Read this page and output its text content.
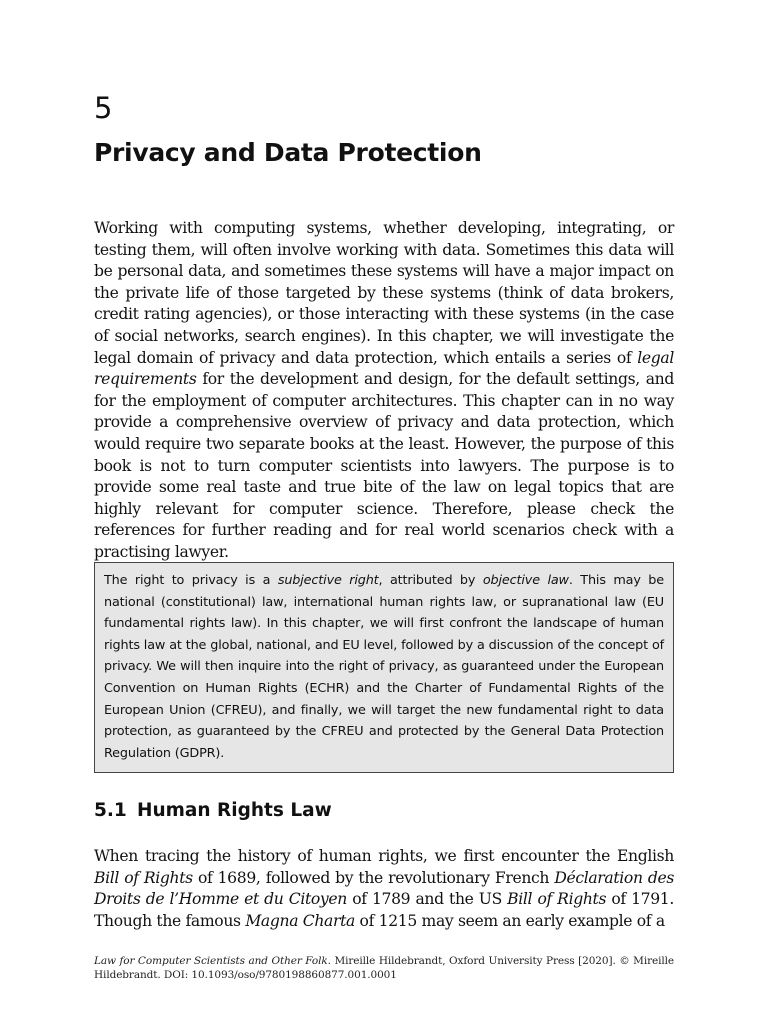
5
Privacy and Data Protection

Working with computing systems, whether developing, integrating, or testing them, will often involve working with data. Sometimes this data will be personal data, and sometimes these systems will have a major impact on the private life of those targeted by these systems (think of data brokers, credit rating agencies), or those interacting with these systems (in the case of social networks, search engines). In this chapter, we will investigate the legal domain of privacy and data protection, which entails a series of legal requirements for the development and design, for the default settings, and for the employment of computer architectures. This chapter can in no way provide a comprehensive overview of privacy and data protection, which would require two separate books at the least. However, the purpose of this book is not to turn computer scientists into lawyers. The purpose is to provide some real taste and true bite of the law on legal topics that are highly relevant for computer science. Therefore, please check the references for further reading and for real world scenarios check with a practising lawyer.

The right to privacy is a subjective right, attributed by objective law. This may be national (constitutional) law, international human rights law, or supranational law (EU fundamental rights law). In this chapter, we will first confront the landscape of human rights law at the global, national, and EU level, followed by a discussion of the concept of privacy. We will then inquire into the right of privacy, as guaranteed under the European Convention on Human Rights (ECHR) and the Charter of Fundamental Rights of the European Union (CFREU), and finally, we will target the new fundamental right to data protection, as guaranteed by the CFREU and protected by the General Data Protection Regulation (GDPR).

5.1 Human Rights Law

When tracing the history of human rights, we first encounter the English Bill of Rights of 1689, followed by the revolutionary French Déclaration des Droits de l’Homme et du Citoyen of 1789 and the US Bill of Rights of 1791. Though the famous Magna Charta of 1215 may seem an early example of a

Law for Computer Scientists and Other Folk. Mireille Hildebrandt, Oxford University Press [2020]. © Mireille Hildebrandt. DOI: 10.1093/oso/9780198860877.001.0001
